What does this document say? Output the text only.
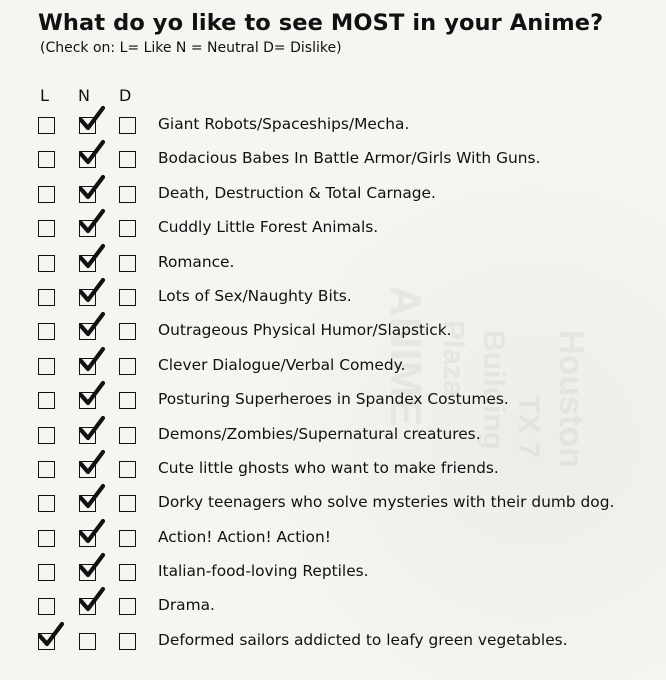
Houston
TX 7
Building
Plaza
ANIME
What do yo like to see MOST in your Anime?
(Check on: L= Like N = Neutral D= Dislike)
L N D
Giant Robots/Spaceships/Mecha.
Bodacious Babes In Battle Armor/Girls With Guns.
Death, Destruction & Total Carnage.
Cuddly Little Forest Animals.
Romance.
Lots of Sex/Naughty Bits.
Outrageous Physical Humor/Slapstick.
Clever Dialogue/Verbal Comedy.
Posturing Superheroes in Spandex Costumes.
Demons/Zombies/Supernatural creatures.
Cute little ghosts who want to make friends.
Dorky teenagers who solve mysteries with their dumb dog.
Action! Action! Action!
Italian-food-loving Reptiles.
Drama.
Deformed sailors addicted to leafy green vegetables.
